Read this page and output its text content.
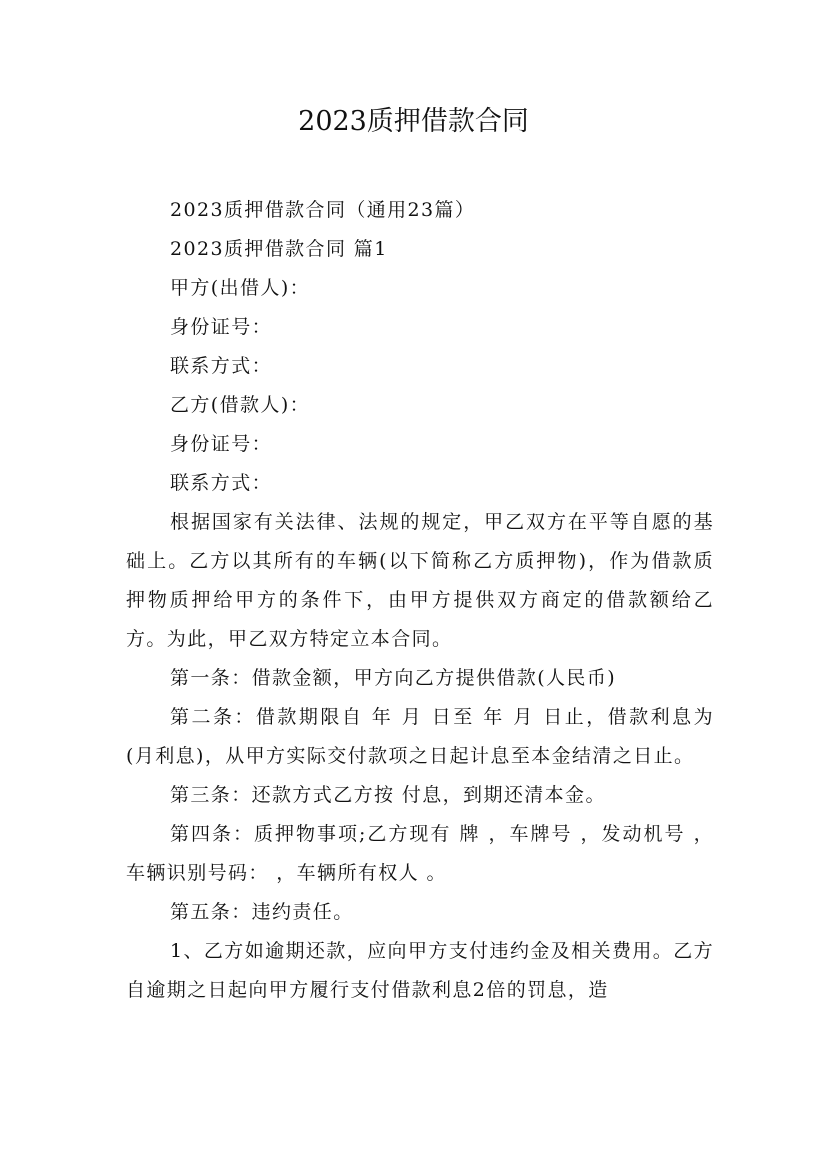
2023质押借款合同

2023质押借款合同（通用23篇）

2023质押借款合同 篇1

甲方(出借人)：

身份证号：

联系方式：

乙方(借款人)：

身份证号：

联系方式：

根据国家有关法律、法规的规定，甲乙双方在平等自愿的基础上。乙方以其所有的车辆(以下简称乙方质押物)，作为借款质押物质押给甲方的条件下，由甲方提供双方商定的借款额给乙方。为此，甲乙双方特定立本合同。

第一条：借款金额，甲方向乙方提供借款(人民币)

第二条：借款期限自 年 月 日至 年 月 日止，借款利息为 (月利息)，从甲方实际交付款项之日起计息至本金结清之日止。

第三条：还款方式乙方按 付息，到期还清本金。

第四条：质押物事项;乙方现有 牌 ，车牌号 ，发动机号 ，车辆识别号码： ，车辆所有权人 。

第五条：违约责任。

1、乙方如逾期还款，应向甲方支付违约金及相关费用。乙方自逾期之日起向甲方履行支付借款利息2倍的罚息，造
